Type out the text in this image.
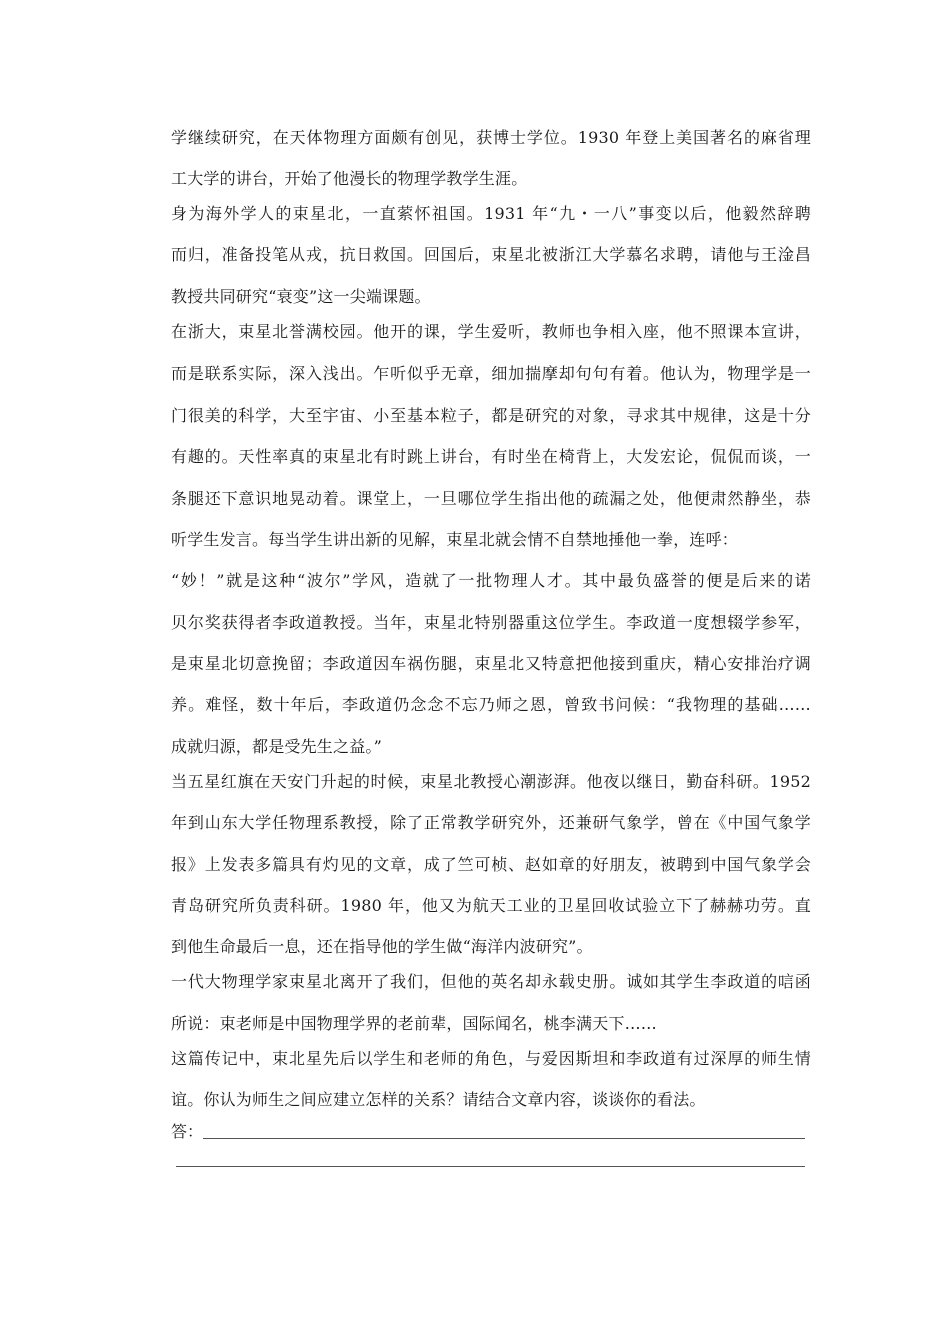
学继续研究，在天体物理方面颇有创见，获博士学位。1930 年登上美国著名的麻省理
工大学的讲台，开始了他漫长的物理学教学生涯。
身为海外学人的束星北，一直萦怀祖国。1931 年“九・一八”事变以后，他毅然辞聘
而归，准备投笔从戎，抗日救国。回国后，束星北被浙江大学慕名求聘，请他与王淦昌
教授共同研究“衰变”这一尖端课题。
在浙大，束星北誉满校园。他开的课，学生爱听，教师也争相入座，他不照课本宣讲，
而是联系实际，深入浅出。乍听似乎无章，细加揣摩却句句有着。他认为，物理学是一
门很美的科学，大至宇宙、小至基本粒子，都是研究的对象，寻求其中规律，这是十分
有趣的。天性率真的束星北有时跳上讲台，有时坐在椅背上，大发宏论，侃侃而谈，一
条腿还下意识地晃动着。课堂上，一旦哪位学生指出他的疏漏之处，他便肃然静坐，恭
听学生发言。每当学生讲出新的见解，束星北就会情不自禁地捶他一拳，连呼：
“妙！”就是这种“波尔”学风，造就了一批物理人才。其中最负盛誉的便是后来的诺
贝尔奖获得者李政道教授。当年，束星北特别器重这位学生。李政道一度想辍学参军，
是束星北切意挽留；李政道因车祸伤腿，束星北又特意把他接到重庆，精心安排治疗调
养。难怪，数十年后，李政道仍念念不忘乃师之恩，曾致书问候：“我物理的基础……
成就归源，都是受先生之益。”
当五星红旗在天安门升起的时候，束星北教授心潮澎湃。他夜以继日，勤奋科研。1952
年到山东大学任物理系教授，除了正常教学研究外，还兼研气象学，曾在《中国气象学
报》上发表多篇具有灼见的文章，成了竺可桢、赵如章的好朋友，被聘到中国气象学会
青岛研究所负责科研。1980 年，他又为航天工业的卫星回收试验立下了赫赫功劳。直
到他生命最后一息，还在指导他的学生做“海洋内波研究”。
一代大物理学家束星北离开了我们，但他的英名却永载史册。诚如其学生李政道的唁函
所说：束老师是中国物理学界的老前辈，国际闻名，桃李满天下……
这篇传记中，束北星先后以学生和老师的角色，与爱因斯坦和李政道有过深厚的师生情
谊。你认为师生之间应建立怎样的关系？请结合文章内容，谈谈你的看法。
答：
